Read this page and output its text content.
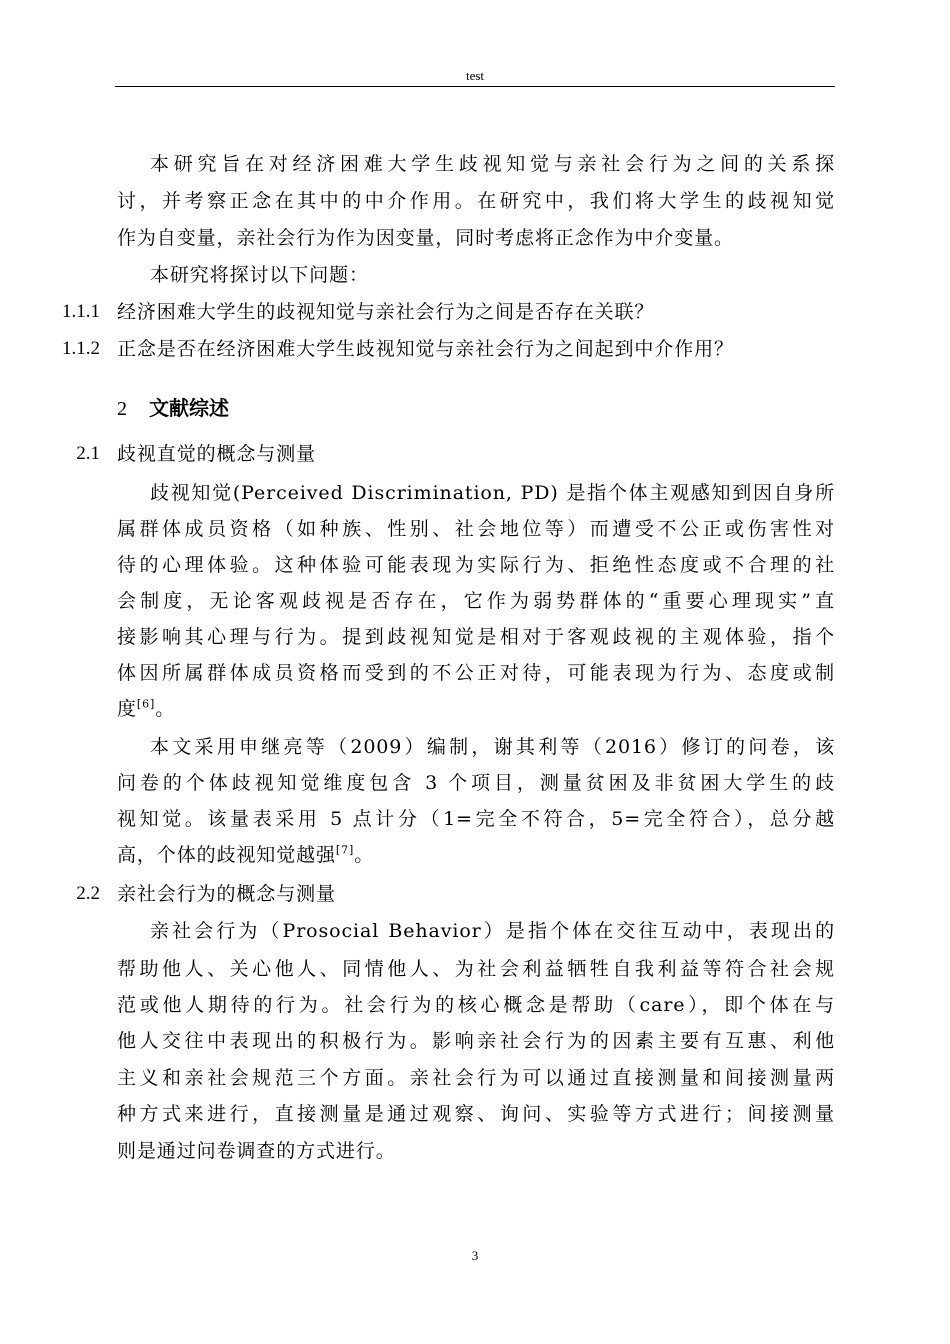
test
本研究旨在对经济困难大学生歧视知觉与亲社会行为之间的关系探
讨，并考察正念在其中的中介作用。在研究中，我们将大学生的歧视知觉
作为自变量，亲社会行为作为因变量，同时考虑将正念作为中介变量。
本研究将探讨以下问题：
1.1.1 经济困难大学生的歧视知觉与亲社会行为之间是否存在关联？
1.1.2 正念是否在经济困难大学生歧视知觉与亲社会行为之间起到中介作用？
2 文献综述
2.1 歧视直觉的概念与测量
歧视知觉(Perceived Discrimination, PD) 是指个体主观感知到因自身所
属群体成员资格（如种族、性别、社会地位等）而遭受不公正或伤害性对
待的心理体验。这种体验可能表现为实际行为、拒绝性态度或不合理的社
会制度，无论客观歧视是否存在，它作为弱势群体的“重要心理现实”直
接影响其心理与行为。提到歧视知觉是相对于客观歧视的主观体验，指个
体因所属群体成员资格而受到的不公正对待，可能表现为行为、态度或制
度[6]。
本文采用申继亮等（2009）编制，谢其利等（2016）修订的问卷，该
问卷的个体歧视知觉维度包含 3 个项目，测量贫困及非贫困大学生的歧
视知觉。该量表采用 5 点计分（1=完全不符合，5=完全符合），总分越
高，个体的歧视知觉越强[7]。
2.2 亲社会行为的概念与测量
亲社会行为（Prosocial Behavior）是指个体在交往互动中，表现出的
帮助他人、关心他人、同情他人、为社会利益牺牲自我利益等符合社会规
范或他人期待的行为。社会行为的核心概念是帮助（care），即个体在与
他人交往中表现出的积极行为。影响亲社会行为的因素主要有互惠、利他
主义和亲社会规范三个方面。亲社会行为可以通过直接测量和间接测量两
种方式来进行，直接测量是通过观察、询问、实验等方式进行；间接测量
则是通过问卷调查的方式进行。
3
